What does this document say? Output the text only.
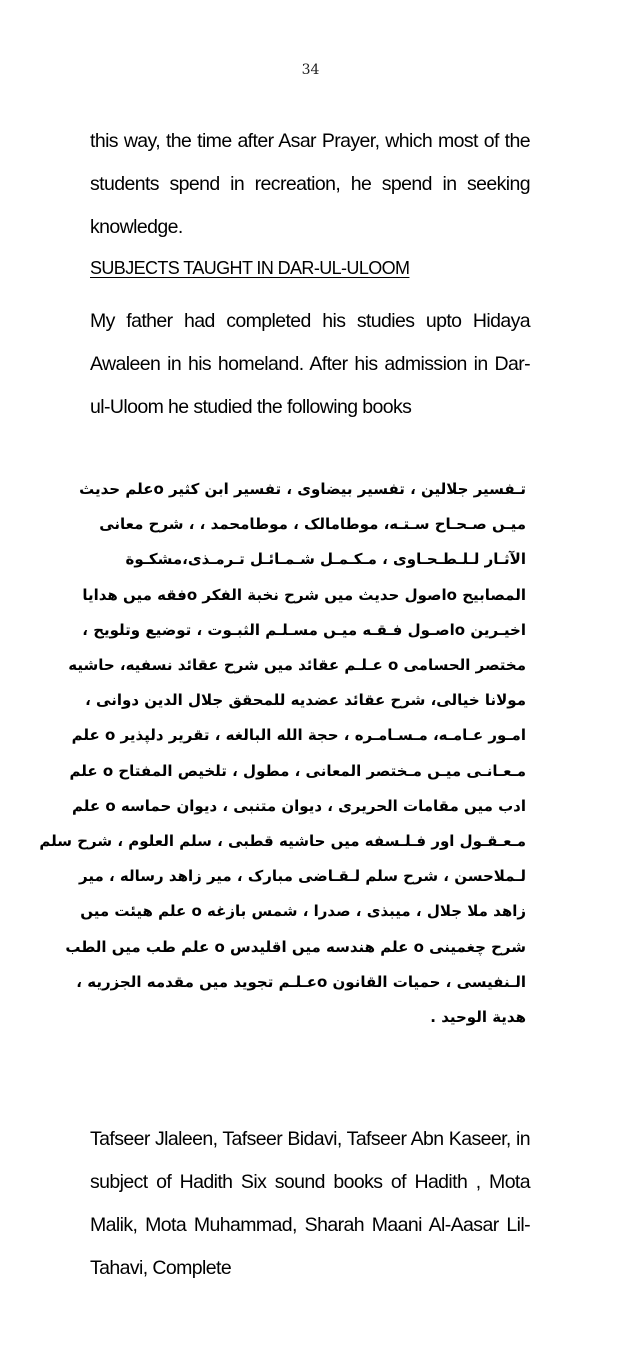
34
this way, the time after Asar Prayer, which most of the students spend in recreation, he spend in seeking knowledge.
SUBJECTS TAUGHT IN DAR-UL-ULOOM
My father had completed his studies upto Hidaya Awaleen in his homeland. After his admission in Dar-ul-Uloom he studied the following books
تـفسير جلالين ، تفسير بيضاوى ، تفسير ابن كثير oعلم حديث
ميـں صـحـاح سـتـه، موطامالک ، موطامحمد ، ، شرح معانى
الآثـار لـلـطـحـاوى ، مـكـمـل شـمـائـل تـرمـذى،مشكـوة
المصابيح oاصول حديث ميں شرح نخبة الفكر oفقه ميں هدايا
اخيـرين oاصـول فـقـه ميـں مسـلـم الثبـوت ، توضيع وتلويح ،
مختصر الحسامى o عـلـم عقائد ميں شرح عقائد نسفيه، حاشيه
مولانا خيالى، شرح عقائد عضديه للمحقق جلال الدين دوانى ،
امـور عـامـه، مـسـامـره ، حجة الله البالغه ، تقرير دلپذير o علم
مـعـانـى ميـں مـختصر المعانى ، مطول ، تلخيص المفتاح o علم
ادب ميں مقامات الحريرى ، ديوان متنبى ، ديوان حماسه o علم
مـعـقـول اور فـلـسفه ميں حاشيه قطبى ، سلم العلوم ، شرح سلم
لـملاحسن ، شرح سلم لـقـاضى مبارک ، مير زاهد رساله ، مير
زاهد ملا جلال ، ميبذى ، صدرا ، شمس بازغه o علم هيئت ميں
شرح چغمينى o علم هندسه ميں اقليدس o علم طب ميں الطب
الـنفيسى ، حميات القانون oعـلـم تجويد ميں مقدمه الجزريه ،
هدية الوحيد .
Tafseer Jlaleen, Tafseer Bidavi, Tafseer Abn Kaseer, in subject of Hadith Six sound books of Hadith , Mota Malik, Mota Muhammad, Sharah Maani Al-Aasar Lil-Tahavi, Complete
